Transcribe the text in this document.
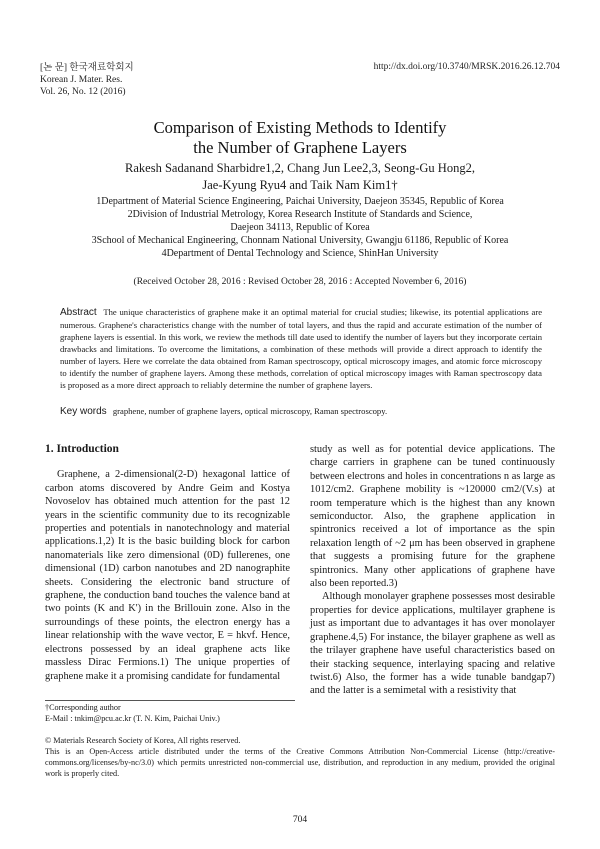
[논 문] 한국재료학회지
Korean J. Mater. Res.
Vol. 26, No. 12 (2016)
http://dx.doi.org/10.3740/MRSK.2016.26.12.704
Comparison of Existing Methods to Identify
the Number of Graphene Layers
Rakesh Sadanand Sharbidre1,2, Chang Jun Lee2,3, Seong-Gu Hong2,
Jae-Kyung Ryu4 and Taik Nam Kim1†
1Department of Material Science Engineering, Paichai University, Daejeon 35345, Republic of Korea
2Division of Industrial Metrology, Korea Research Institute of Standards and Science,
Daejeon 34113, Republic of Korea
3School of Mechanical Engineering, Chonnam National University, Gwangju 61186, Republic of Korea
4Department of Dental Technology and Science, ShinHan University
(Received October 28, 2016 : Revised October 28, 2016 : Accepted November 6, 2016)
Abstract The unique characteristics of graphene make it an optimal material for crucial studies; likewise, its potential applications are numerous. Graphene's characteristics change with the number of total layers, and thus the rapid and accurate estimation of the number of graphene layers is essential. In this work, we review the methods till date used to identify the number of layers but they incorporate certain drawbacks and limitations. To overcome the limitations, a combination of these methods will provide a direct approach to identify the number of layers. Here we correlate the data obtained from Raman spectroscopy, optical microscopy images, and atomic force microscopy to identify the number of graphene layers. Among these methods, correlation of optical microscopy images with Raman spectroscopy data is proposed as a more direct approach to reliably determine the number of graphene layers.
Key words graphene, number of graphene layers, optical microscopy, Raman spectroscopy.
1. Introduction

Graphene, a 2-dimensional(2-D) hexagonal lattice of carbon atoms discovered by Andre Geim and Kostya Novoselov has obtained much attention for the past 12 years in the scientific community due to its recognizable properties and potentials in nanotechnology and material applications.1,2) It is the basic building block for carbon nanomaterials like zero dimensional (0D) fullerenes, one dimensional (1D) carbon nanotubes and 2D nanographite sheets. Considering the electronic band structure of graphene, the conduction band touches the valence band at two points (K and K') in the Brillouin zone. Also in the surroundings of these points, the electron energy has a linear relationship with the wave vector, E = hkvf. Hence, electrons possessed by an ideal graphene acts like massless Dirac Fermions.1) The unique properties of graphene make it a promising candidate for fundamental

study as well as for potential device applications. The charge carriers in graphene can be tuned continuously between electrons and holes in concentrations n as large as 1012/cm2. Graphene mobility is ~120000 cm2/(V.s) at room temperature which is the highest than any known semiconductor. Also, the graphene application in spintronics received a lot of importance as the spin relaxation length of ~2 μm has been observed in graphene that suggests a promising future for the graphene spintronics. Many other applications of graphene have also been reported.3)

Although monolayer graphene possesses most desirable properties for device applications, multilayer graphene is just as important due to advantages it has over monolayer graphene.4,5) For instance, the bilayer graphene as well as the trilayer graphene have useful characteristics based on their stacking sequence, interlaying spacing and relative twist.6) Also, the former has a wide tunable bandgap7) and the latter is a semimetal with a resistivity that

†Corresponding author
E-Mail : tnkim@pcu.ac.kr (T. N. Kim, Paichai Univ.)
© Materials Research Society of Korea, All rights reserved.
This is an Open-Access article distributed under the terms of the Creative Commons Attribution Non-Commercial License (http://creative-commons.org/licenses/by-nc/3.0) which permits unrestricted non-commercial use, distribution, and reproduction in any medium, provided the original work is properly cited.
704
